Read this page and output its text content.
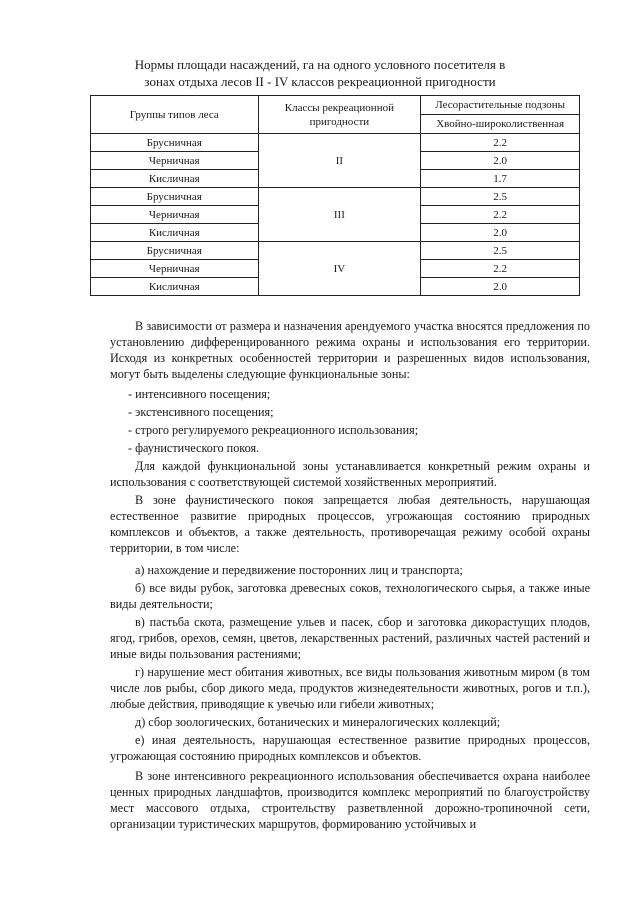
Нормы площади насаждений, га на одного условного посетителя в
зонах отдыха лесов II - IV классов рекреационной пригодности
Группы типов леса	Классы рекреационной пригодности	Лесорастительные подзоны
		Хвойно-широколиственная
Брусничная	II	2.2
Черничная		2.0
Кисличная		1.7
Брусничная	III	2.5
Черничная		2.2
Кисличная		2.0
Брусничная	IV	2.5
Черничная		2.2
Кисличная		2.0
В зависимости от размера и назначения арендуемого участка вносятся предложения по установлению дифференцированного режима охраны и использования его территории. Исходя из конкретных особенностей территории и разрешенных видов использования, могут быть выделены следующие функциональные зоны:
- интенсивного посещения;
- экстенсивного посещения;
- строго регулируемого рекреационного использования;
- фаунистического покоя.
Для каждой функциональной зоны устанавливается конкретный режим охраны и использования с соответствующей системой хозяйственных мероприятий.
В зоне фаунистического покоя запрещается любая деятельность, нарушающая естественное развитие природных процессов, угрожающая состоянию природных комплексов и объектов, а также деятельность, противоречащая режиму особой охраны территории, в том числе:
а) нахождение и передвижение посторонних лиц и транспорта;
б) все виды рубок, заготовка древесных соков, технологического сырья, а также иные виды деятельности;
в) пастьба скота, размещение ульев и пасек, сбор и заготовка дикорастущих плодов, ягод, грибов, орехов, семян, цветов, лекарственных растений, различных частей растений и иные виды пользования растениями;
г) нарушение мест обитания животных, все виды пользования животным миром (в том числе лов рыбы, сбор дикого меда, продуктов жизнедеятельности животных, рогов и т.п.), любые действия, приводящие к увечью или гибели животных;
д) сбор зоологических, ботанических и минералогических коллекций;
е) иная деятельность, нарушающая естественное развитие природных процессов, угрожающая состоянию природных комплексов и объектов.
В зоне интенсивного рекреационного использования обеспечивается охрана наиболее ценных природных ландшафтов, производится комплекс мероприятий по благоустройству мест массового отдыха, строительству разветвленной дорожно-тропиночной сети, организации туристических маршрутов, формированию устойчивых и
